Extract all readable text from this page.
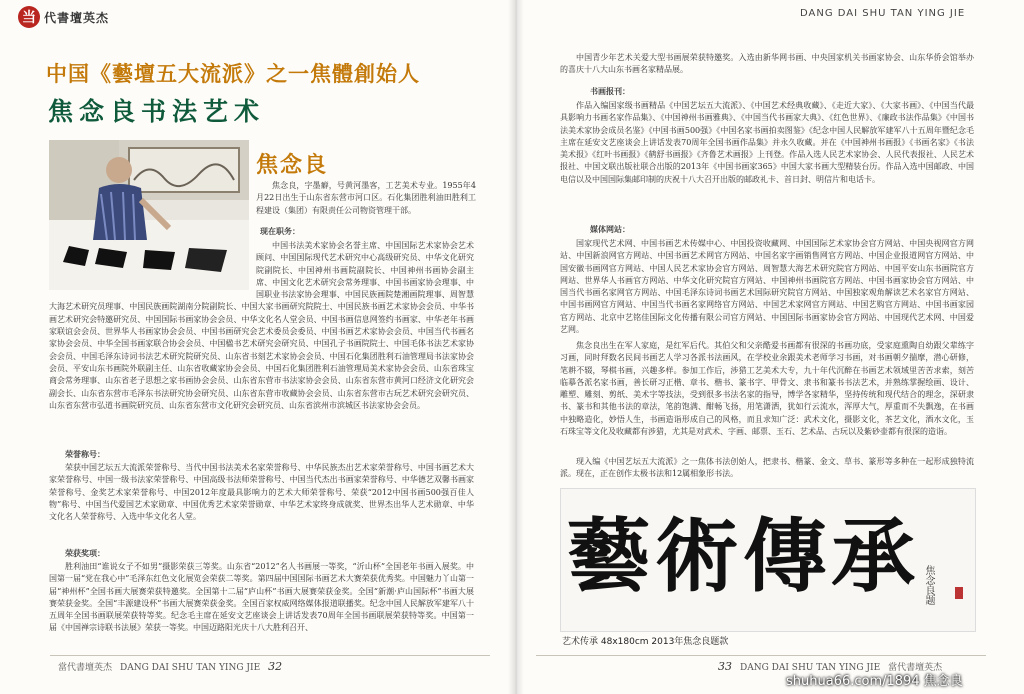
当 代書壇英杰
中国《藝壇五大流派》之一焦體創始人
焦念良书法艺术
焦念良
焦念良，字墨癖，号黄河墨客，工艺美术专业。1955年4月22日出生于山东省东营市河口区。石化集团胜利油田胜利工程建设（集团）有限责任公司物资管理干部。
现在职务：

中国书法美术家协会名誉主席、中国国际艺术家协会艺术顾问、中国国际现代艺术研究中心高级研究员、中华文化研究院副院长、中国神州书画院副院长、中国神州书画协会副主席、中国文化艺术研究会常务理事、中国书画家协会理事、中国职业书法家协会理事、中国民族画院楚湘画院理事、周智慧大海艺术研究员理事、中国民族画院湖南分院副院长、中国大家书画研究院院士、中国民族书画艺术家协会会员、中华书画艺术研究会特邀研究员、中国国际书画家协会会员、中华文化名人堂会员、中国书画信息网签约书画家、中华老年书画家联谊会会员、世界华人书画家协会会员、中国书画研究会艺术委员会委员、中国书画艺术家协会会员、中国当代书画名家协会会员、中华全国书画家联合协会会员、中国楹书艺术研究会研究员、中国孔子书画院院士、中国毛体书法艺术家协会会员、中国毛泽东诗词书法艺术研究院研究员、山东省书刻艺术家协会会员、中国石化集团胜利石油管理局书法家协会会员、平安山东书画院外联副主任、山东省收藏家协会会员、中国石化集团胜利石油管理局美术家协会会员、山东省珠宝商会常务理事、山东省老子思想之家书画协会会员、山东省东营市书法家协会会员、山东省东营市黄河口经济文化研究会副会长、山东省东营市毛泽东书法研究协会研究员、山东省东营市收藏协会会员、山东省东营市古玩艺术研究会研究员、山东省东营市弘道书画院研究员、山东省东营市文化研究会研究员、山东省滨州市滨城区书法家协会会员。

荣誉称号：

荣获中国艺坛五大流派荣誉称号、当代中国书法美术名家荣誉称号、中华民族杰出艺术家荣誉称号、中国书画艺术大家荣誉称号、中国一级书法家荣誉称号、中国高级书法师荣誉称号、中国当代杰出书画家荣誉称号、中华德艺双馨书画家荣誉称号、金奖艺术家荣誉称号、中国2012年度最具影响力的艺术大师荣誉称号、荣获“2012中国书画500强百佳人物”称号、中国当代爱国艺术家勋章、中国优秀艺术家荣誉勋章、中华艺术家终身成就奖、世界杰出华人艺术勋章、中华文化名人荣誉称号、入选中华文化名人堂。

荣获奖项：

胜利油田“谁说女子不如男”摄影荣获三等奖。山东省“2012”名人书画展一等奖，“沂山杯”全国老年书画入展奖。中国第一届“党在我心中”毛泽东红色文化展览会荣获二等奖。第四届中国国际书画艺术大赛荣获优秀奖。中国魅力丫山第一届“神州杯”全国书画大展赛荣获特邀奖。全国第十二届“庐山杯”书画大展赛荣获金奖。全国“新潮·庐山国际杯”书画大展赛荣获金奖。全国“丰源建设杯”书画大展赛荣获金奖。全国百家权威网络媒体报道联播奖。纪念中国人民解放军建军八十五周年全国书画联展荣获特等奖。纪念毛主席在延安文艺座谈会上讲话发表70周年全国书画联展荣获特等奖。中国第一届《中国禅宗诗联书法展》荣获一等奖。中国迈路阳光庆十八大胜利召开、

當代書壇英杰 DANG DAI SHU TAN YING JIE 32
DANG DAI SHU TAN YING JIE

中国青少年艺术关爱大型书画展荣获特邀奖。入选由新华网书画、中央国家机关书画家协会、山东华侨会馆举办的喜庆十八大山东书画名家精品展。

书画报刊：

作品入编国家级书画精品《中国艺坛五大流派》、《中国艺术经典收藏》、《走近大家》、《大家书画》、《中国当代最具影响力书画名家作品集》、《中国神州书画雅典》、《中国当代书画家大典》、《红色世界》、《廉政书法作品集》《中国书法美术家协会成员名鉴》《中国书画500强》《中国名家书画拍卖图鉴》《纪念中国人民解放军建军八十五周年暨纪念毛主席在延安文艺座谈会上讲话发表70周年全国书画作品集》并永久收藏。并在《中国神州书画报》《书画名家》《书法美术报》《红叶书画报》《鹤舒书画报》《齐鲁艺术画报》上刊登。作品入选人民艺术家协会、人民代表报社、人民艺术报社、中国文联出版社联合出版的2013年《中国书画家365》中国大家书画大型精装台历。作品入选中国邮政、中国电信以及中国国际集邮印制的庆祝十八大召开出版的邮政礼卡、首日封、明信片和电话卡。

媒体网站：

国家现代艺术网、中国书画艺术传媒中心、中国投资收藏网、中国国际艺术家协会官方网站、中国央视网官方网站、中国新浪网官方网站、中国书画艺术网官方网站、中国名家字画销售网官方网站、中国企业报道网官方网站、中国安徽书画网官方网站、中国人民艺术家协会官方网站、周智慧大海艺术研究院官方网站、中国平安山东书画院官方网站、世界华人书画官方网站、中华文化研究院官方网站、中国神州书画院官方网站、中国书画家协会官方网站、中国当代书画名家网官方网站、中国毛泽东诗词书画艺术国际研究院官方网站、中国独家观角解读艺术名家官方网站、中国书画网官方网站、中国当代书画名家网络官方网站、中国艺术家网官方网站、中国艺购官方网站、中国书画家园官方网站、北京中艺铭佳国际文化传播有限公司官方网站、中国国际书画家协会官方网站、中国现代艺术网、中国爱艺网。

焦念良出生在军人家庭，是红军后代。其伯父和父亲酷爱书画都有很深的书画功底，受家庭熏陶自幼跟父辈练字习画，同时拜数名民间书画艺人学习各派书法画风，在学校业余跟美术老师学习书画，对书画朝夕揣摩，潜心研修，笔耕不辍，琴棋书画，兴趣多样。参加工作后，涉猎工艺美术大专，九十年代沉醉在书画艺术领域里苦苦求索，刻苦临摹各派名家书画，善长研习正楷、章书、楷书、篆书字、甲骨文、隶书和篆书书法艺术，并熟练掌握绘画、设计、雕塑、雕刻、剪纸、美术字等技法，受到很多书法名家的指导，博学各家精华，坚持传统和现代结合的理念，深研隶书、篆书和其他书法的章法，笔韵饱满、酣畅飞扬，用笔潇洒，犹如行云流水，浑厚大气，厚重而不失飘逸，在书画中独略造化，妙悟人生，书画造诣形成自己的风格，而且求知广泛：武术文化，摄影文化，茶艺文化，酒水文化，玉石珠宝等文化及收藏都有涉猎，尤其是对武术、字画、邮票、玉石、艺术品、古玩以及紫砂壶都有很深的造诣。

现入编《中国艺坛五大流派》之一焦体书法创始人，把隶书、楷篆、金文、草书、篆形等多种在一起形成独特流派。现在，正在创作太极书法和12属相象形书法。

藝術傳承 焦念良题
艺术传承 48x180cm 2013年焦念良题款
33 DANG DAI SHU TAN YING JIE 當代書壇英杰
shuhua66.com/1894 焦念良
